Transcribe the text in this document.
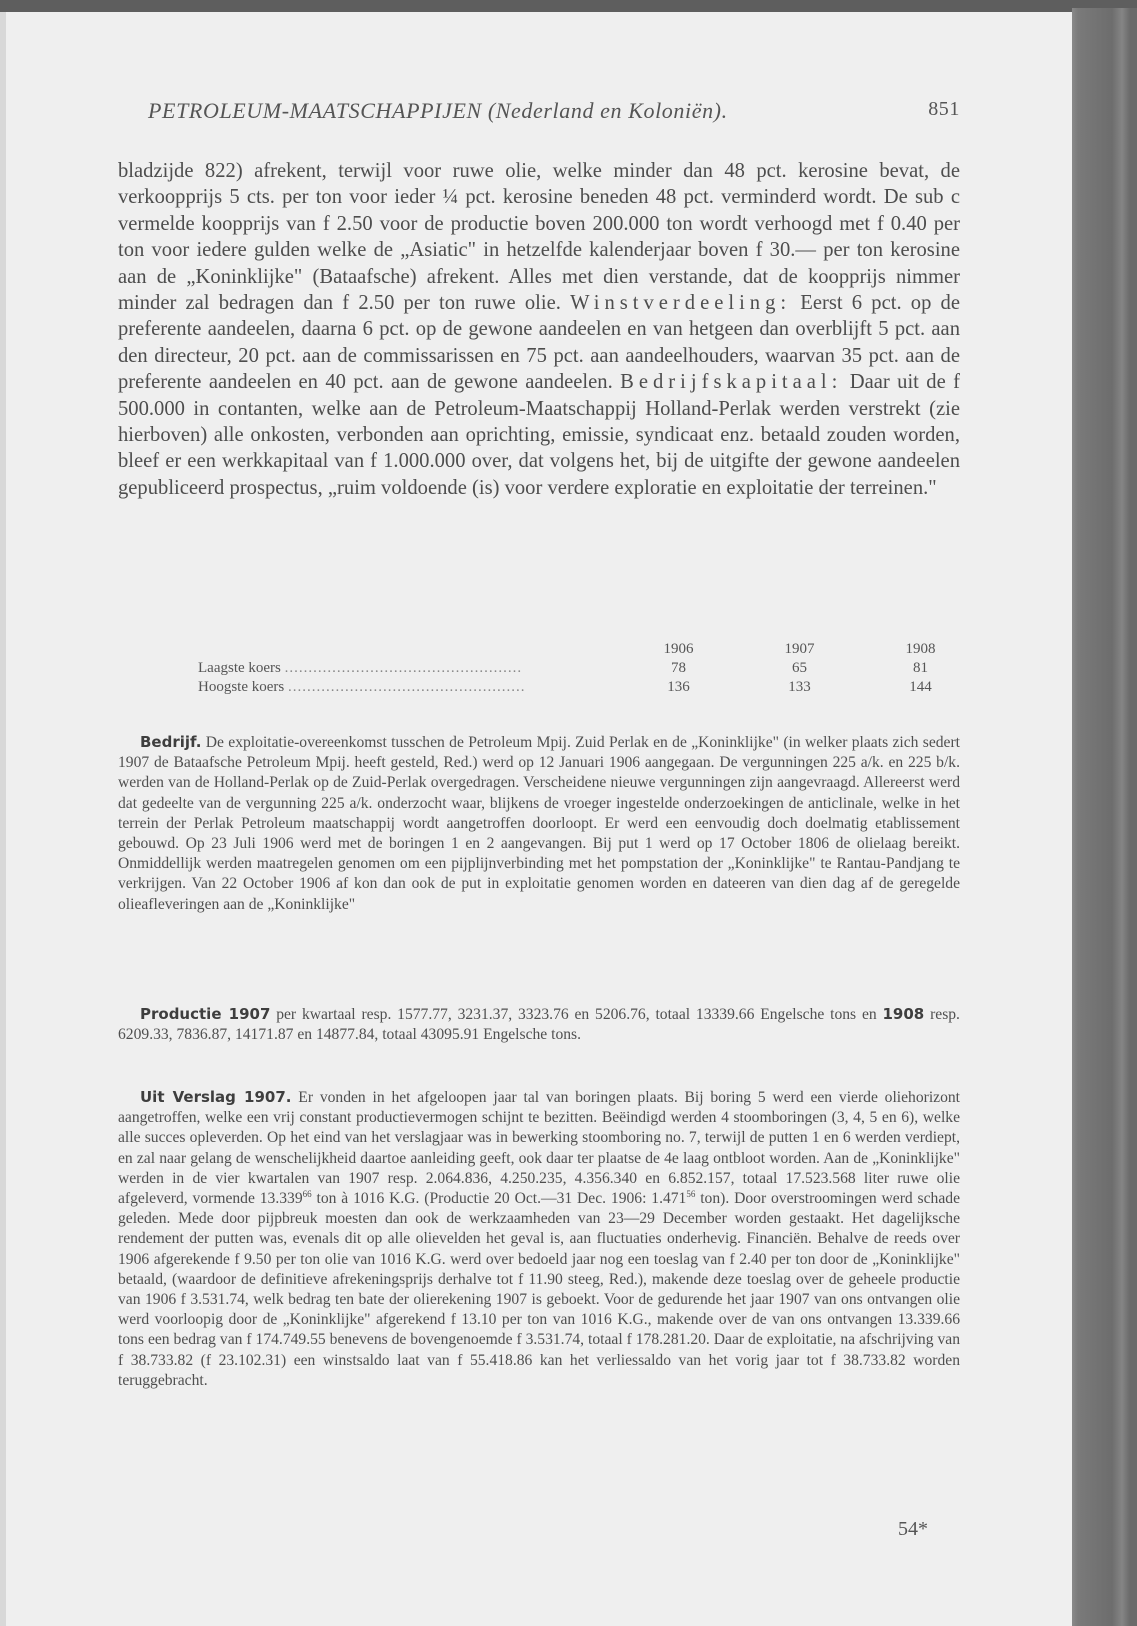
PETROLEUM-MAATSCHAPPIJEN (Nederland en Koloniën).	851
bladzijde 822) afrekent, terwijl voor ruwe olie, welke minder dan 48 pct. kerosine bevat, de verkoopprijs 5 cts. per ton voor ieder ¼ pct. kerosine beneden 48 pct. verminderd wordt. De sub c vermelde koopprijs van f 2.50 voor de productie boven 200.000 ton wordt verhoogd met f 0.40 per ton voor iedere gulden welke de „Asiatic" in hetzelfde kalenderjaar boven f 30.— per ton kerosine aan de „Koninklijke" (Bataafsche) afrekent. Alles met dien verstande, dat de koopprijs nimmer minder zal bedragen dan f 2.50 per ton ruwe olie. Winstverdeeling: Eerst 6 pct. op de preferente aandeelen, daarna 6 pct. op de gewone aandeelen en van hetgeen dan overblijft 5 pct. aan den directeur, 20 pct. aan de commissarissen en 75 pct. aan aandeelhouders, waarvan 35 pct. aan de preferente aandeelen en 40 pct. aan de gewone aandeelen. Bedrijfskapitaal: Daar uit de f 500.000 in contanten, welke aan de Petroleum-Maatschappij Holland-Perlak werden verstrekt (zie hierboven) alle onkosten, verbonden aan oprichting, emissie, syndicaat enz. betaald zouden worden, bleef er een werkkapitaal van f 1.000.000 over, dat volgens het, bij de uitgifte der gewone aandeelen gepubliceerd prospectus, „ruim voldoende (is) voor verdere exploratie en exploitatie der terreinen."
	1906	1907	1908
Laagste koers ..................................................	78	65	81
Hoogste koers ..................................................	136	133	144

Bedrijf. De exploitatie-overeenkomst tusschen de Petroleum Mpij. Zuid Perlak en de „Koninklijke" (in welker plaats zich sedert 1907 de Bataafsche Petroleum Mpij. heeft gesteld, Red.) werd op 12 Januari 1906 aangegaan. De vergunningen 225 a/k. en 225 b/k. werden van de Holland-Perlak op de Zuid-Perlak overgedragen. Verscheidene nieuwe vergunningen zijn aangevraagd. Allereerst werd dat gedeelte van de vergunning 225 a/k. onderzocht waar, blijkens de vroeger ingestelde onderzoekingen de anticlinale, welke in het terrein der Perlak Petroleum maatschappij wordt aangetroffen doorloopt. Er werd een eenvoudig doch doelmatig etablissement gebouwd. Op 23 Juli 1906 werd met de boringen 1 en 2 aangevangen. Bij put 1 werd op 17 October 1806 de olielaag bereikt. Onmiddellijk werden maatregelen genomen om een pijplijnverbinding met het pompstation der „Koninklijke" te Rantau-Pandjang te verkrijgen. Van 22 October 1906 af kon dan ook de put in exploitatie genomen worden en dateeren van dien dag af de geregelde olieafleveringen aan de „Koninklijke"

Productie 1907 per kwartaal resp. 1577.77, 3231.37, 3323.76 en 5206.76, totaal 13339.66 Engelsche tons en 1908 resp. 6209.33, 7836.87, 14171.87 en 14877.84, totaal 43095.91 Engelsche tons.

Uit Verslag 1907. Er vonden in het afgeloopen jaar tal van boringen plaats. Bij boring 5 werd een vierde oliehorizont aangetroffen, welke een vrij constant productievermogen schijnt te bezitten. Beëindigd werden 4 stoomboringen (3, 4, 5 en 6), welke alle succes opleverden. Op het eind van het verslagjaar was in bewerking stoomboring no. 7, terwijl de putten 1 en 6 werden verdiept, en zal naar gelang de wenschelijkheid daartoe aanleiding geeft, ook daar ter plaatse de 4e laag ontbloot worden. Aan de „Koninklijke" werden in de vier kwartalen van 1907 resp. 2.064.836, 4.250.235, 4.356.340 en 6.852.157, totaal 17.523.568 liter ruwe olie afgeleverd, vormende 13.339$^{66}$ ton à 1016 K.G. (Productie 20 Oct.—31 Dec. 1906: 1.471$^{56}$ ton). Door overstroomingen werd schade geleden. Mede door pijpbreuk moesten dan ook de werkzaamheden van 23—29 December worden gestaakt. Het dagelijksche rendement der putten was, evenals dit op alle olievelden het geval is, aan fluctuaties onderhevig. Financiën. Behalve de reeds over 1906 afgerekende f 9.50 per ton olie van 1016 K.G. werd over bedoeld jaar nog een toeslag van f 2.40 per ton door de „Koninklijke" betaald, (waardoor de definitieve afrekeningsprijs derhalve tot f 11.90 steeg, Red.), makende deze toeslag over de geheele productie van 1906 f 3.531.74, welk bedrag ten bate der olierekening 1907 is geboekt. Voor de gedurende het jaar 1907 van ons ontvangen olie werd voorloopig door de „Koninklijke" afgerekend f 13.10 per ton van 1016 K.G., makende over de van ons ontvangen 13.339.66 tons een bedrag van f 174.749.55 benevens de bovengenoemde f 3.531.74, totaal f 178.281.20. Daar de exploitatie, na afschrijving van f 38.733.82 (f 23.102.31) een winstsaldo laat van f 55.418.86 kan het verliessaldo van het vorig jaar tot f 38.733.82 worden teruggebracht.

54*
